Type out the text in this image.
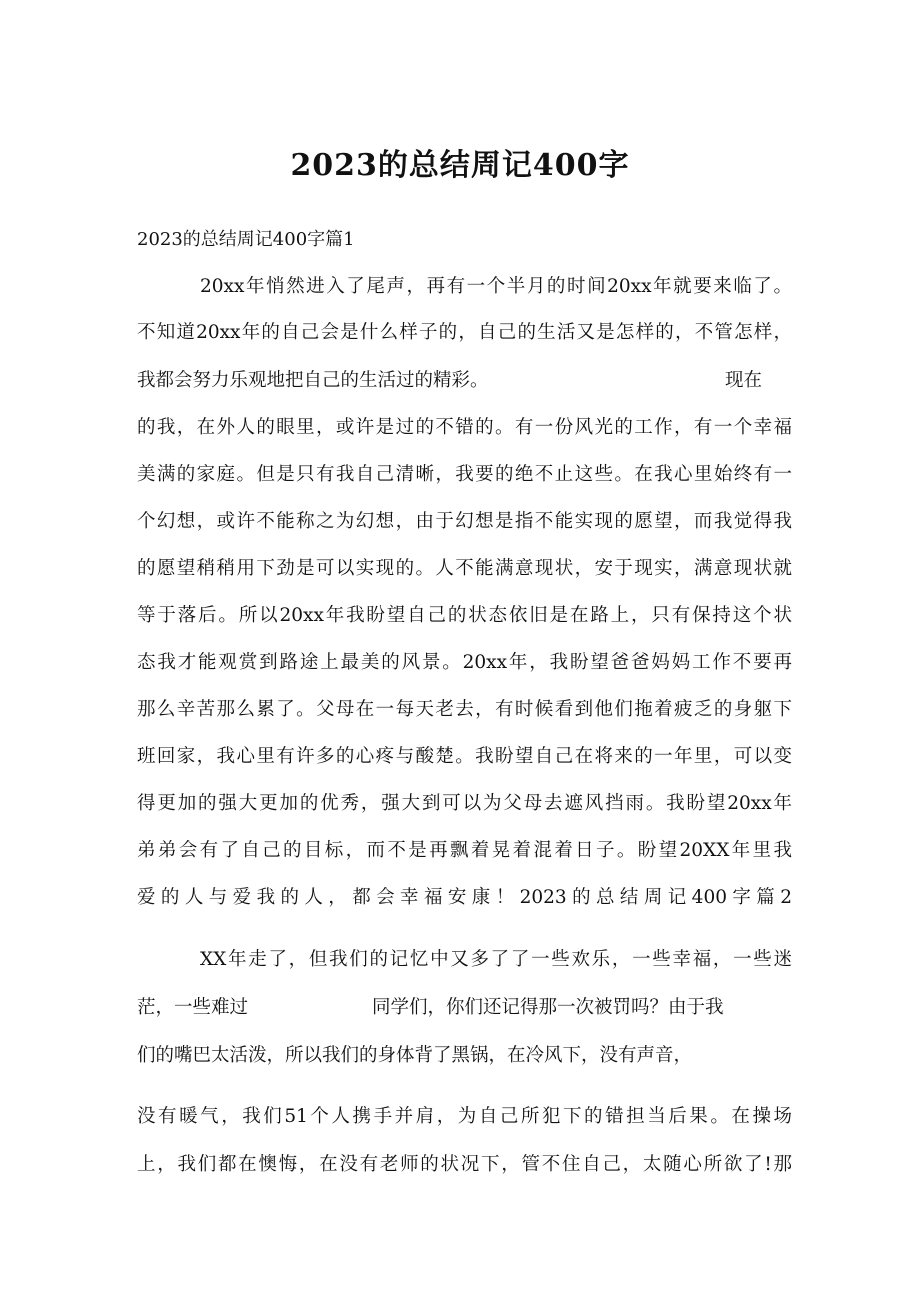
2023的总结周记400字
2023的总结周记400字篇1
20xx年悄然进入了尾声，再有一个半月的时间20xx年就要来临了。
不知道20xx年的自己会是什么样子的，自己的生活又是怎样的，不管怎样，
我都会努力乐观地把自己的生活过的精彩。	现在
的我，在外人的眼里，或许是过的不错的。有一份风光的工作，有一个幸福
美满的家庭。但是只有我自己清晰，我要的绝不止这些。在我心里始终有一
个幻想，或许不能称之为幻想，由于幻想是指不能实现的愿望，而我觉得我
的愿望稍稍用下劲是可以实现的。人不能满意现状，安于现实，满意现状就
等于落后。所以20xx年我盼望自己的状态依旧是在路上，只有保持这个状
态我才能观赏到路途上最美的风景。20xx年，我盼望爸爸妈妈工作不要再
那么辛苦那么累了。父母在一每天老去，有时候看到他们拖着疲乏的身躯下
班回家，我心里有许多的心疼与酸楚。我盼望自己在将来的一年里，可以变
得更加的强大更加的优秀，强大到可以为父母去遮风挡雨。我盼望20xx年
弟弟会有了自己的目标，而不是再飘着晃着混着日子。盼望20XX年里我
爱的人与爱我的人，都会幸福安康！2023的总结周记400字篇2
XX年走了，但我们的记忆中又多了了一些欢乐，一些幸福，一些迷
茫，一些难过	同学们，你们还记得那一次被罚吗？由于我
们的嘴巴太活泼，所以我们的身体背了黑锅，在冷风下，没有声音，
没有暖气，我们51个人携手并肩，为自己所犯下的错担当后果。在操场
上，我们都在懊悔，在没有老师的状况下，管不住自己，太随心所欲了!那
